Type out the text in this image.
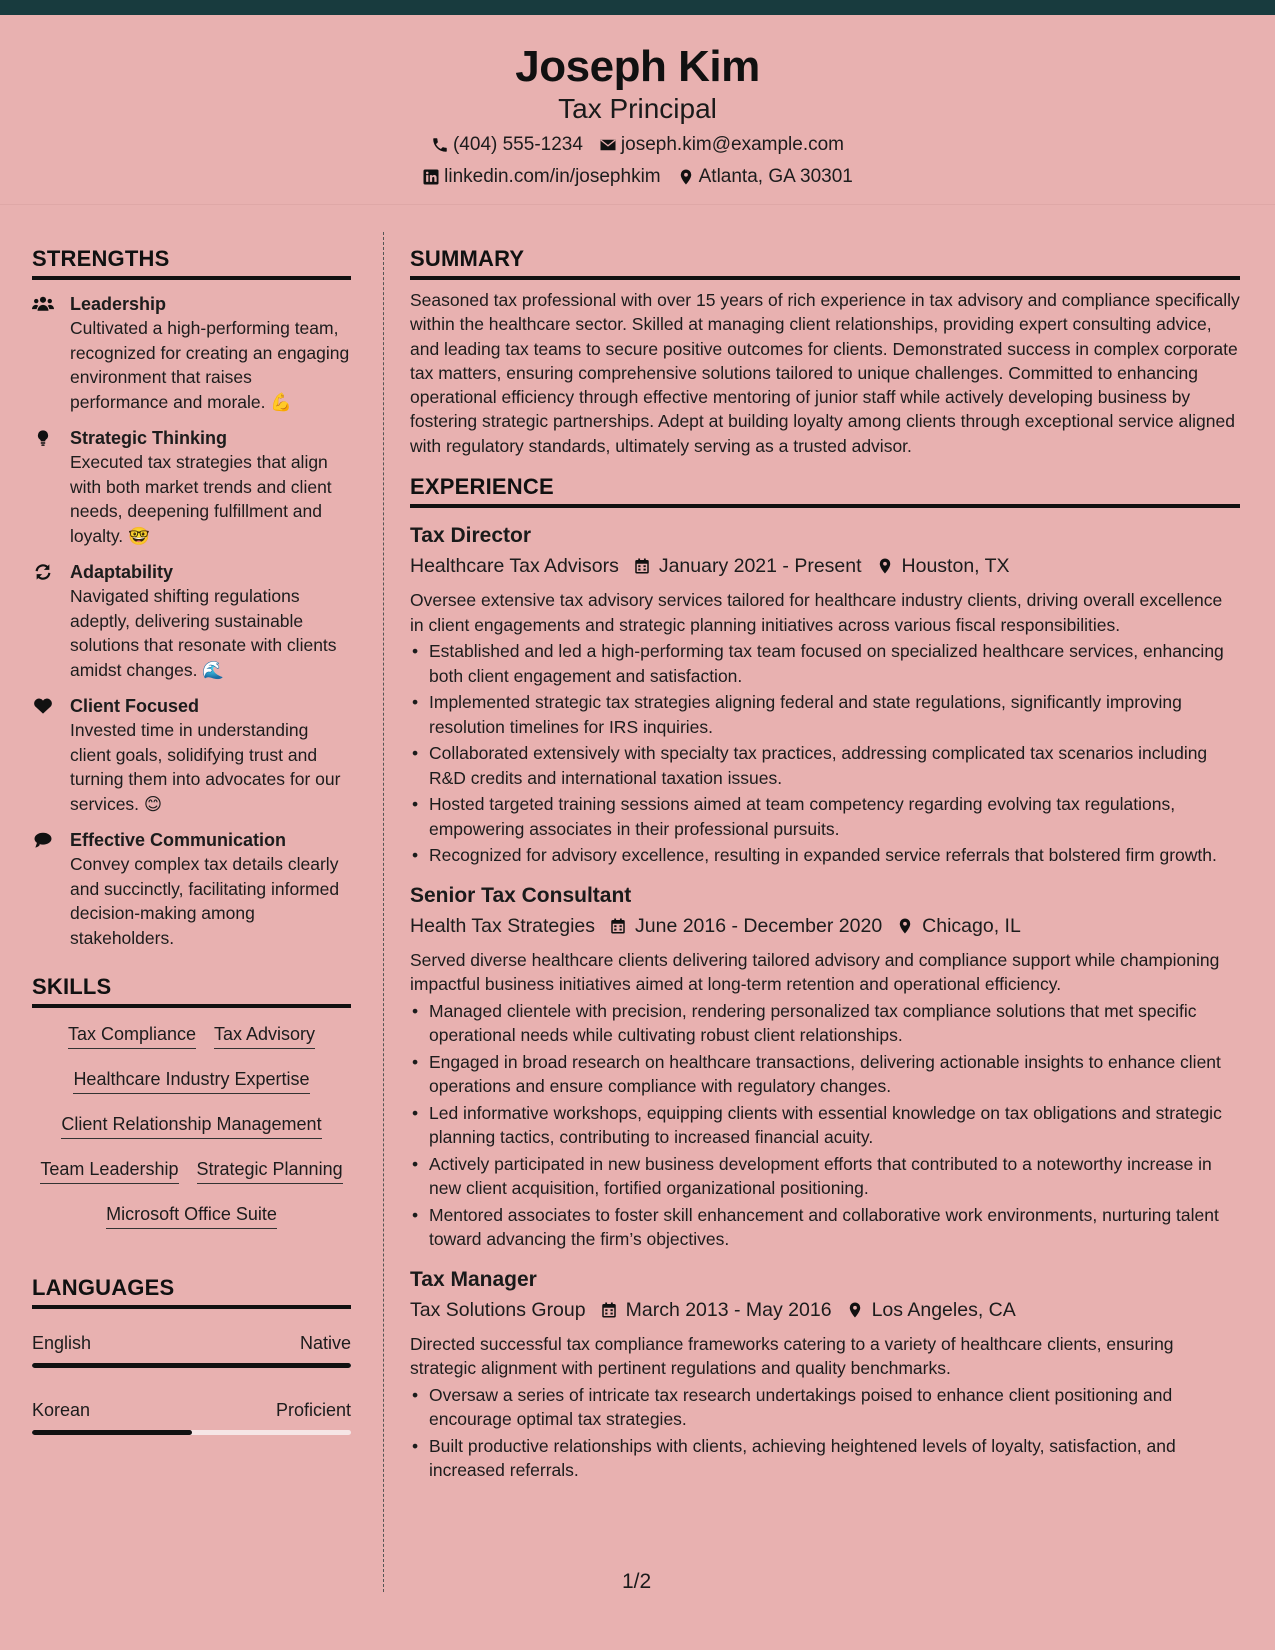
Joseph Kim
Tax Principal
(404) 555-1234 joseph.kim@example.com
linkedin.com/in/josephkim Atlanta, GA 30301
STRENGTHS
Leadership
Cultivated a high-performing team, recognized for creating an engaging environment that raises performance and morale. 💪
Strategic Thinking
Executed tax strategies that align with both market trends and client needs, deepening fulfillment and loyalty. 🤓
Adaptability
Navigated shifting regulations adeptly, delivering sustainable solutions that resonate with clients amidst changes. 🌊
Client Focused
Invested time in understanding client goals, solidifying trust and turning them into advocates for our services. 😊
Effective Communication
Convey complex tax details clearly and succinctly, facilitating informed decision-making among stakeholders.
SKILLS
Tax Compliance Tax Advisory
Healthcare Industry Expertise
Client Relationship Management
Team Leadership Strategic Planning
Microsoft Office Suite
LANGUAGES
English	Native
Korean	Proficient
SUMMARY
Seasoned tax professional with over 15 years of rich experience in tax advisory and compliance specifically within the healthcare sector. Skilled at managing client relationships, providing expert consulting advice, and leading tax teams to secure positive outcomes for clients. Demonstrated success in complex corporate tax matters, ensuring comprehensive solutions tailored to unique challenges. Committed to enhancing operational efficiency through effective mentoring of junior staff while actively developing business by fostering strategic partnerships. Adept at building loyalty among clients through exceptional service aligned with regulatory standards, ultimately serving as a trusted advisor.
EXPERIENCE
Tax Director
Healthcare Tax Advisors January 2021 - Present Houston, TX
Oversee extensive tax advisory services tailored for healthcare industry clients, driving overall excellence in client engagements and strategic planning initiatives across various fiscal responsibilities.
• Established and led a high-performing tax team focused on specialized healthcare services, enhancing both client engagement and satisfaction.
• Implemented strategic tax strategies aligning federal and state regulations, significantly improving resolution timelines for IRS inquiries.
• Collaborated extensively with specialty tax practices, addressing complicated tax scenarios including R&D credits and international taxation issues.
• Hosted targeted training sessions aimed at team competency regarding evolving tax regulations, empowering associates in their professional pursuits.
• Recognized for advisory excellence, resulting in expanded service referrals that bolstered firm growth.
Senior Tax Consultant
Health Tax Strategies June 2016 - December 2020 Chicago, IL
Served diverse healthcare clients delivering tailored advisory and compliance support while championing impactful business initiatives aimed at long-term retention and operational efficiency.
• Managed clientele with precision, rendering personalized tax compliance solutions that met specific operational needs while cultivating robust client relationships.
• Engaged in broad research on healthcare transactions, delivering actionable insights to enhance client operations and ensure compliance with regulatory changes.
• Led informative workshops, equipping clients with essential knowledge on tax obligations and strategic planning tactics, contributing to increased financial acuity.
• Actively participated in new business development efforts that contributed to a noteworthy increase in new client acquisition, fortified organizational positioning.
• Mentored associates to foster skill enhancement and collaborative work environments, nurturing talent toward advancing the firm’s objectives.
Tax Manager
Tax Solutions Group March 2013 - May 2016 Los Angeles, CA
Directed successful tax compliance frameworks catering to a variety of healthcare clients, ensuring strategic alignment with pertinent regulations and quality benchmarks.
• Oversaw a series of intricate tax research undertakings poised to enhance client positioning and encourage optimal tax strategies.
• Built productive relationships with clients, achieving heightened levels of loyalty, satisfaction, and increased referrals.
1/2
